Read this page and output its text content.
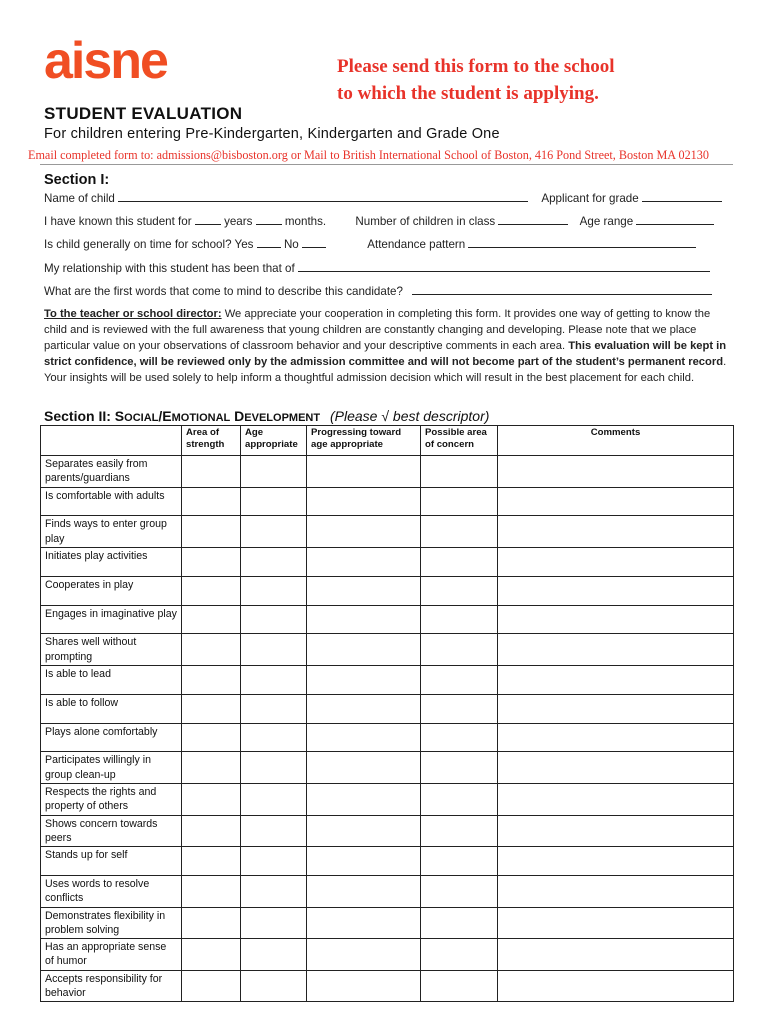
aisne	Please send this form to the school
to which the student is applying.
STUDENT EVALUATION
For children entering Pre-Kindergarten, Kindergarten and Grade One
Email completed form to: admissions@bisboston.org or Mail to British International School of Boston, 416 Pond Street, Boston MA 02130
Section I:
Name of child	Applicant for grade
I have known this student for	years	months.	Number of children in class	Age range
Is child generally on time for school? Yes	No	Attendance pattern
My relationship with this student has been that of
What are the first words that come to mind to describe this candidate?
To the teacher or school director: We appreciate your cooperation in completing this form. It provides one way of getting to know the child and is reviewed with the full awareness that young children are constantly changing and developing. Please note that we place particular value on your observations of classroom behavior and your descriptive comments in each area. This evaluation will be kept in strict confidence, will be reviewed only by the admission committee and will not become part of the student’s permanent record. Your insights will be used solely to help inform a thoughtful admission decision which will result in the best placement for each child.
Section II: SOCIAL/EMOTIONAL DEVELOPMENT (Please √ best descriptor)
	Area of strength	Age appropriate	Progressing toward age appropriate	Possible area of concern	Comments
Separates easily from parents/guardians					
Is comfortable with adults					
Finds ways to enter group play					
Initiates play activities					
Cooperates in play					
Engages in imaginative play					
Shares well without prompting					
Is able to lead					
Is able to follow					
Plays alone comfortably					
Participates willingly in group clean-up					
Respects the rights and property of others					
Shows concern towards peers					
Stands up for self					
Uses words to resolve conflicts					
Demonstrates flexibility in problem solving					
Has an appropriate sense of humor					
Accepts responsibility for behavior					
